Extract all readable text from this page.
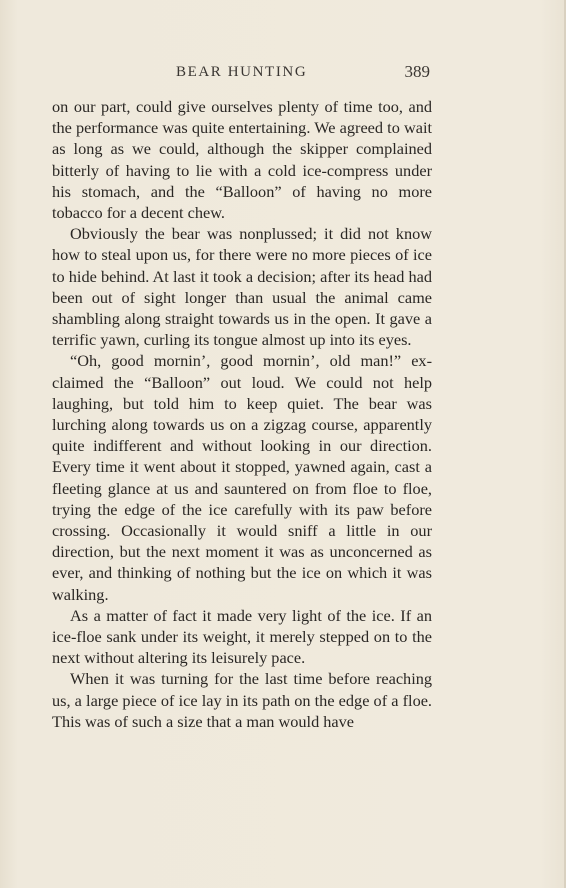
BEAR HUNTING	389

on our part, could give ourselves plenty of time too, and the performance was quite entertaining. We agreed to wait as long as we could, although the skipper complained bitterly of having to lie with a cold ice-compress under his stomach, and the “Balloon” of having no more tobacco for a decent chew.

Obviously the bear was nonplussed; it did not know how to steal upon us, for there were no more pieces of ice to hide behind. At last it took a decision; after its head had been out of sight longer than usual the animal came shambling along straight towards us in the open. It gave a terrific yawn, curling its tongue almost up into its eyes.

“Oh, good mornin’, good mornin’, old man!” exclaimed the “Balloon” out loud. We could not help laughing, but told him to keep quiet. The bear was lurching along towards us on a zigzag course, apparently quite indifferent and without looking in our direction. Every time it went about it stopped, yawned again, cast a fleeting glance at us and sauntered on from floe to floe, trying the edge of the ice carefully with its paw before crossing. Occasionally it would sniff a little in our direction, but the next moment it was as unconcerned as ever, and thinking of nothing but the ice on which it was walking.

As a matter of fact it made very light of the ice. If an ice-floe sank under its weight, it merely stepped on to the next without altering its leisurely pace.

When it was turning for the last time before reaching us, a large piece of ice lay in its path on the edge of a floe. This was of such a size that a man would have
